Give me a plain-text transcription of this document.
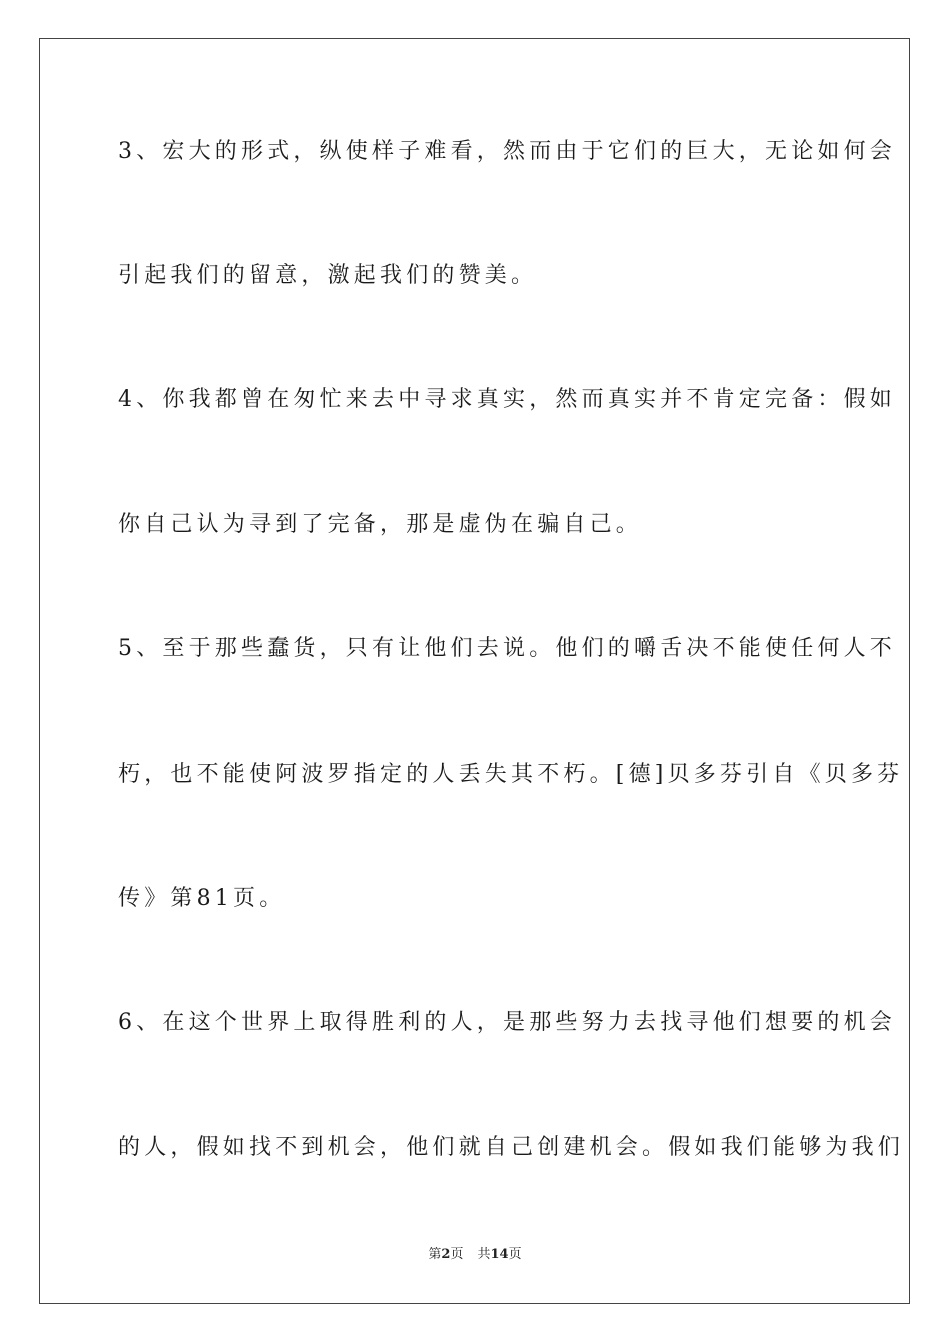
3、宏大的形式，纵使样子难看，然而由于它们的巨大，无论如何会
引起我们的留意，激起我们的赞美。
4、你我都曾在匆忙来去中寻求真实，然而真实并不肯定完备：假如
你自己认为寻到了完备，那是虚伪在骗自己。
5、至于那些蠢货，只有让他们去说。他们的嚼舌决不能使任何人不
朽，也不能使阿波罗指定的人丢失其不朽。[德]贝多芬引自《贝多芬
传》第81页。
6、在这个世界上取得胜利的人，是那些努力去找寻他们想要的机会
的人，假如找不到机会，他们就自己创建机会。假如我们能够为我们
第2页 共14页
